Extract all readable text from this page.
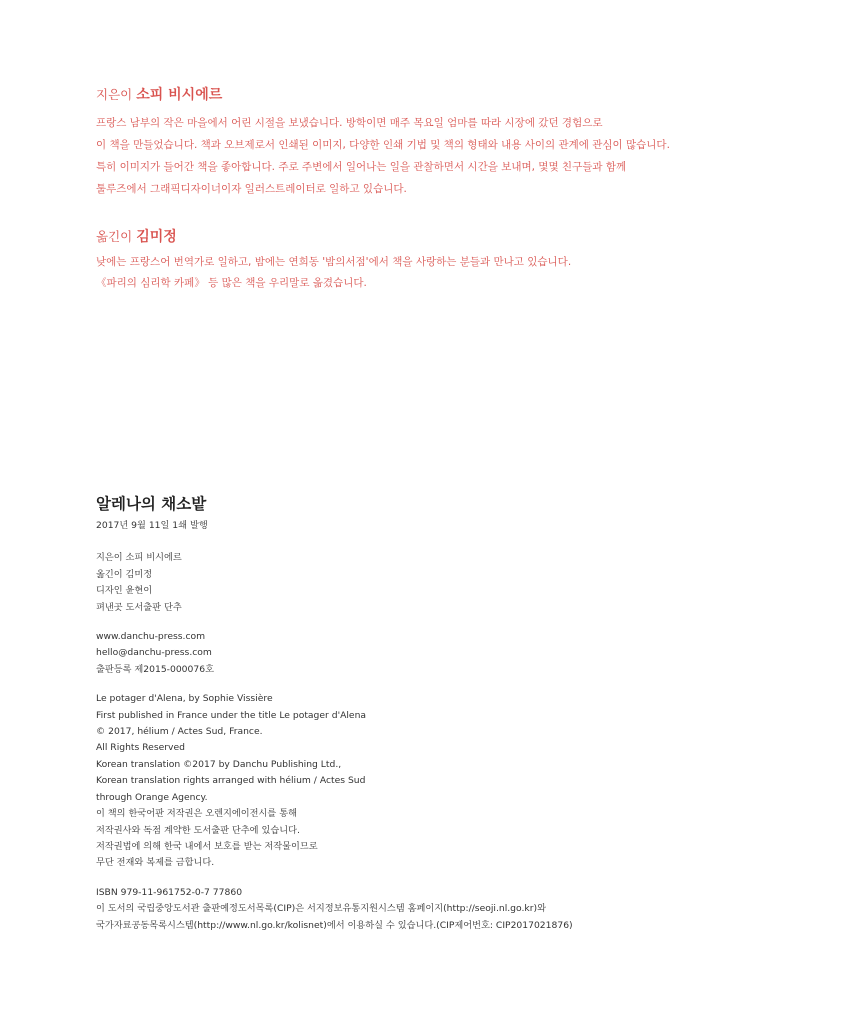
지은이 소피 비시에르

프랑스 남부의 작은 마을에서 어린 시절을 보냈습니다. 방학이면 매주 목요일 엄마를 따라 시장에 갔던 경험으로

이 책을 만들었습니다. 책과 오브제로서 인쇄된 이미지, 다양한 인쇄 기법 및 책의 형태와 내용 사이의 관계에 관심이 많습니다.

특히 이미지가 들어간 책을 좋아합니다. 주로 주변에서 일어나는 일을 관찰하면서 시간을 보내며, 몇몇 친구들과 함께

툴루즈에서 그래픽디자이너이자 일러스트레이터로 일하고 있습니다.

옮긴이 김미정

낮에는 프랑스어 번역가로 일하고, 밤에는 연희동 '밤의서점'에서 책을 사랑하는 분들과 만나고 있습니다.

《파리의 심리학 카페》 등 많은 책을 우리말로 옮겼습니다.

알레나의 채소밭

2017년 9월 11일 1쇄 발행

지은이 소피 비시에르

옮긴이 김미정

디자인 윤현이

펴낸곳 도서출판 단추

www.danchu-press.com

hello@danchu-press.com

출판등록 제2015-000076호

Le potager d'Alena, by Sophie Vissière

First published in France under the title Le potager d'Alena

© 2017, hélium / Actes Sud, France.

All Rights Reserved

Korean translation ©2017 by Danchu Publishing Ltd.,

Korean translation rights arranged with hélium / Actes Sud

through Orange Agency.

이 책의 한국어판 저작권은 오렌지에이전시를 통해

저작권사와 독점 계약한 도서출판 단추에 있습니다.

저작권법에 의해 한국 내에서 보호를 받는 저작물이므로

무단 전재와 복제를 금합니다.

ISBN 979-11-961752-0-7 77860

이 도서의 국립중앙도서관 출판예정도서목록(CIP)은 서지정보유통지원시스템 홈페이지(http://seoji.nl.go.kr)와

국가자료공동목록시스템(http://www.nl.go.kr/kolisnet)에서 이용하실 수 있습니다.(CIP제어번호: CIP2017021876)
